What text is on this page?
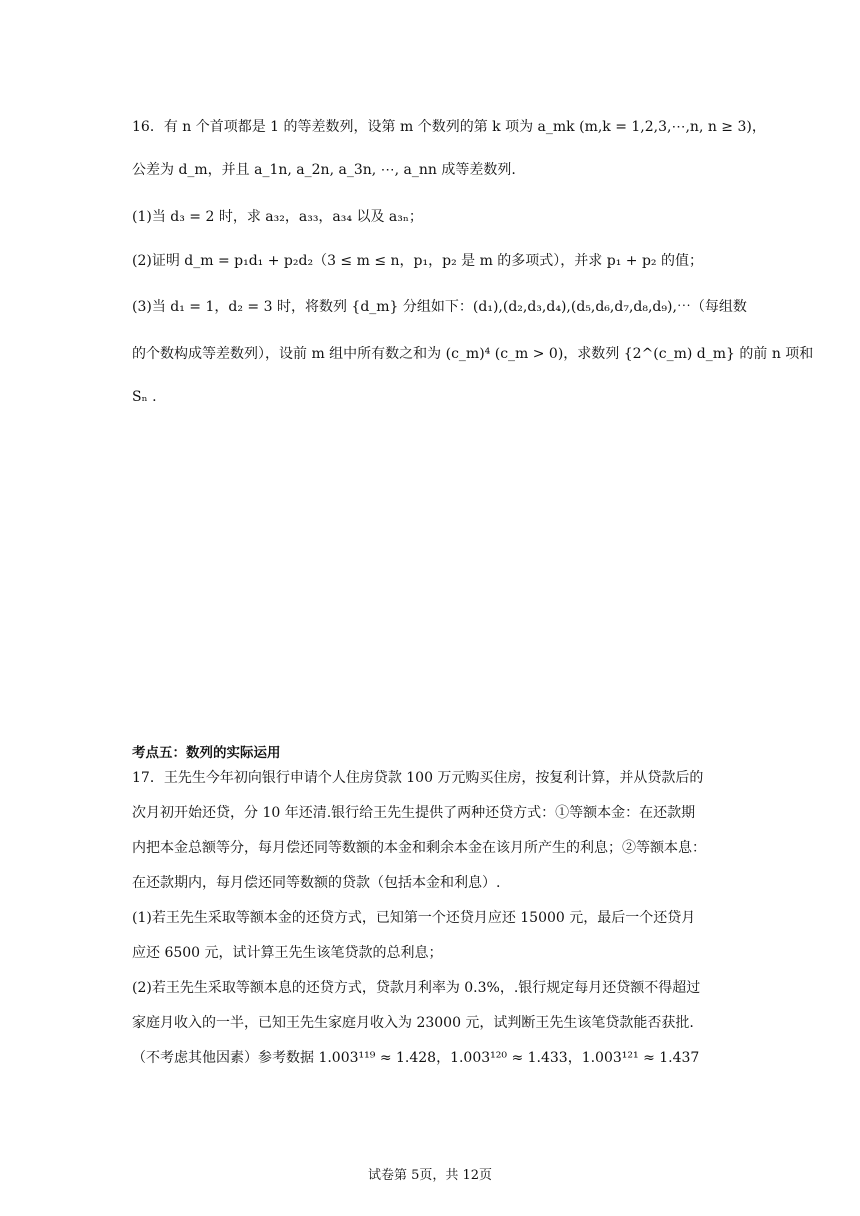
16．有 n 个首项都是 1 的等差数列，设第 m 个数列的第 k 项为 a_mk (m,k = 1,2,3,⋯,n, n ≥ 3)，
公差为 d_m，并且 a_1n, a_2n, a_3n, ⋯, a_nn 成等差数列.
(1)当 d₃ = 2 时，求 a₃₂，a₃₃，a₃₄ 以及 a₃ₙ；
(2)证明 d_m = p₁d₁ + p₂d₂（3 ≤ m ≤ n，p₁，p₂ 是 m 的多项式），并求 p₁ + p₂ 的值；
(3)当 d₁ = 1，d₂ = 3 时，将数列 {d_m} 分组如下：(d₁),(d₂,d₃,d₄),(d₅,d₆,d₇,d₈,d₉),⋯（每组数
的个数构成等差数列），设前 m 组中所有数之和为 (c_m)⁴ (c_m > 0)，求数列 {2^(c_m) d_m} 的前 n 项和
Sₙ .
考点五：数列的实际运用
17．王先生今年初向银行申请个人住房贷款 100 万元购买住房，按复利计算，并从贷款后的
次月初开始还贷，分 10 年还清.银行给王先生提供了两种还贷方式：①等额本金：在还款期
内把本金总额等分，每月偿还同等数额的本金和剩余本金在该月所产生的利息；②等额本息：
在还款期内，每月偿还同等数额的贷款（包括本金和利息）.
(1)若王先生采取等额本金的还贷方式，已知第一个还贷月应还 15000 元，最后一个还贷月
应还 6500 元，试计算王先生该笔贷款的总利息；
(2)若王先生采取等额本息的还贷方式，贷款月利率为 0.3%，.银行规定每月还贷额不得超过
家庭月收入的一半，已知王先生家庭月收入为 23000 元，试判断王先生该笔贷款能否获批.
（不考虑其他因素）参考数据 1.003¹¹⁹ ≈ 1.428，1.003¹²⁰ ≈ 1.433，1.003¹²¹ ≈ 1.437
试卷第 5页，共 12页
